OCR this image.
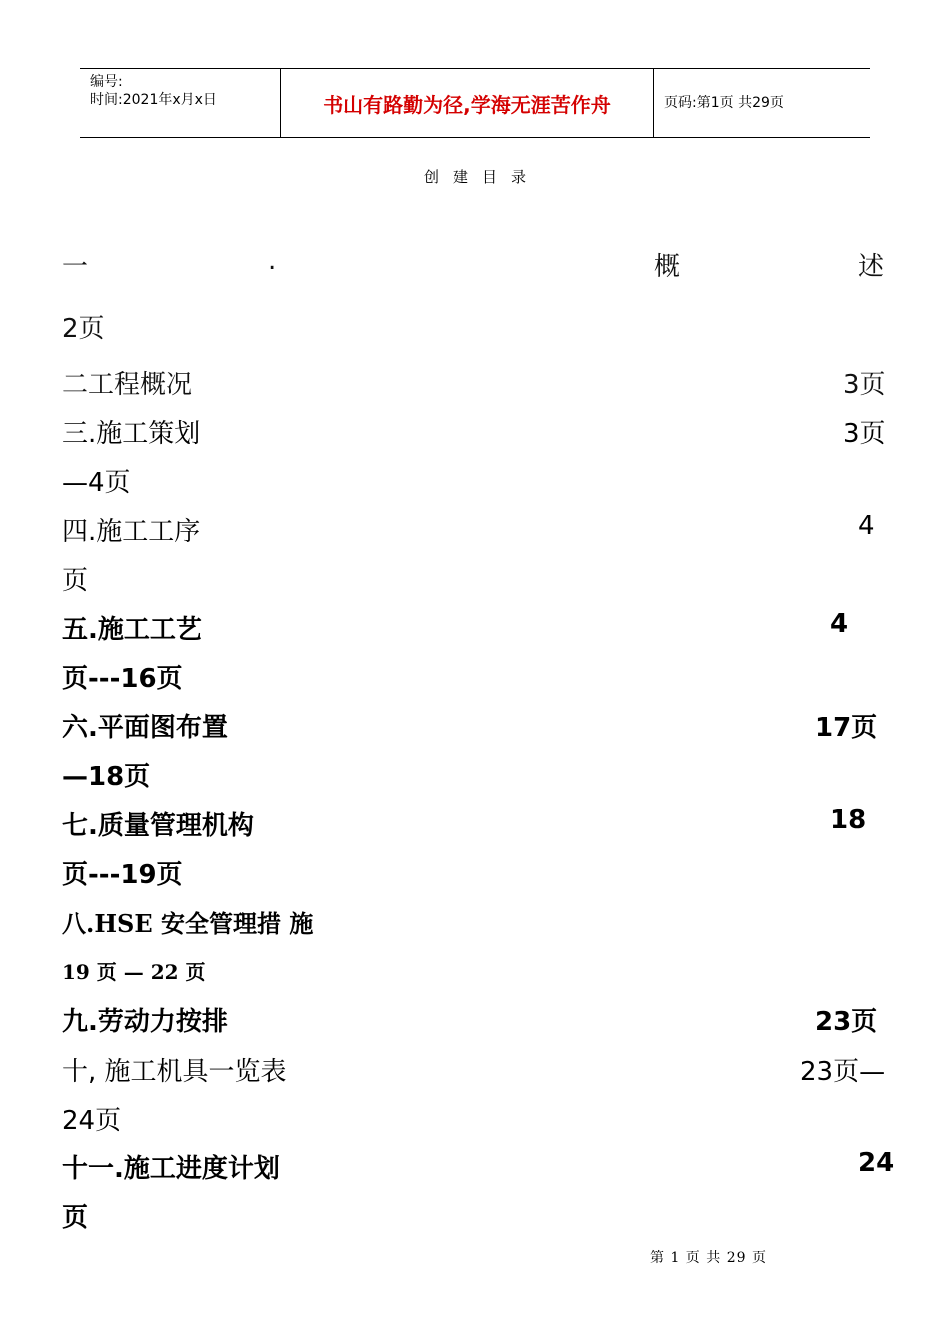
编号:
时间:2021年x月x日	书山有路勤为径,学海无涯苦作舟	页码:第1页 共29页
创建目录
一	.	概	述
2页
二工程概况	3页
三.施工策划	3页
—4页
四.施工工序	4
页
五.施工工艺	4
页---16页
六.平面图布置	17页
—18页
七.质量管理机构	18
页---19页
八.HSE 安全管理措 施
19 页 — 22 页
九.劳动力按排	23页
十, 施工机具一览表	23页—
24页
十一.施工进度计划	24
页
第 1 页 共 29 页
